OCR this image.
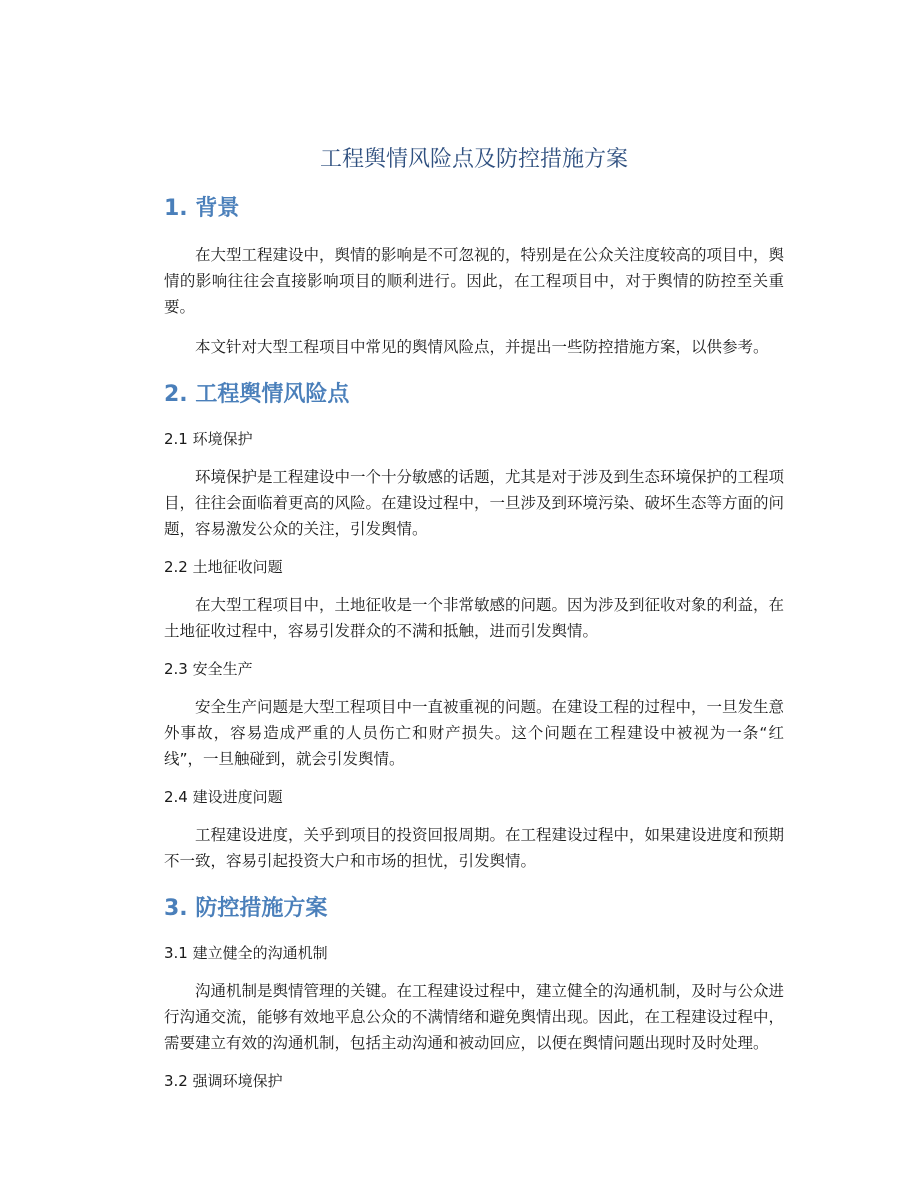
工程舆情风险点及防控措施方案
1. 背景

在大型工程建设中，舆情的影响是不可忽视的，特别是在公众关注度较高的项目中，舆情的影响往往会直接影响项目的顺利进行。因此，在工程项目中，对于舆情的防控至关重要。

本文针对大型工程项目中常见的舆情风险点，并提出一些防控措施方案，以供参考。

2. 工程舆情风险点
2.1 环境保护

环境保护是工程建设中一个十分敏感的话题，尤其是对于涉及到生态环境保护的工程项目，往往会面临着更高的风险。在建设过程中，一旦涉及到环境污染、破坏生态等方面的问题，容易激发公众的关注，引发舆情。

2.2 土地征收问题

在大型工程项目中，土地征收是一个非常敏感的问题。因为涉及到征收对象的利益，在土地征收过程中，容易引发群众的不满和抵触，进而引发舆情。

2.3 安全生产

安全生产问题是大型工程项目中一直被重视的问题。在建设工程的过程中，一旦发生意外事故，容易造成严重的人员伤亡和财产损失。这个问题在工程建设中被视为一条“红线”，一旦触碰到，就会引发舆情。

2.4 建设进度问题

工程建设进度，关乎到项目的投资回报周期。在工程建设过程中，如果建设进度和预期不一致，容易引起投资大户和市场的担忧，引发舆情。

3. 防控措施方案
3.1 建立健全的沟通机制

沟通机制是舆情管理的关键。在工程建设过程中，建立健全的沟通机制，及时与公众进行沟通交流，能够有效地平息公众的不满情绪和避免舆情出现。因此，在工程建设过程中，需要建立有效的沟通机制，包括主动沟通和被动回应，以便在舆情问题出现时及时处理。

3.2 强调环境保护
